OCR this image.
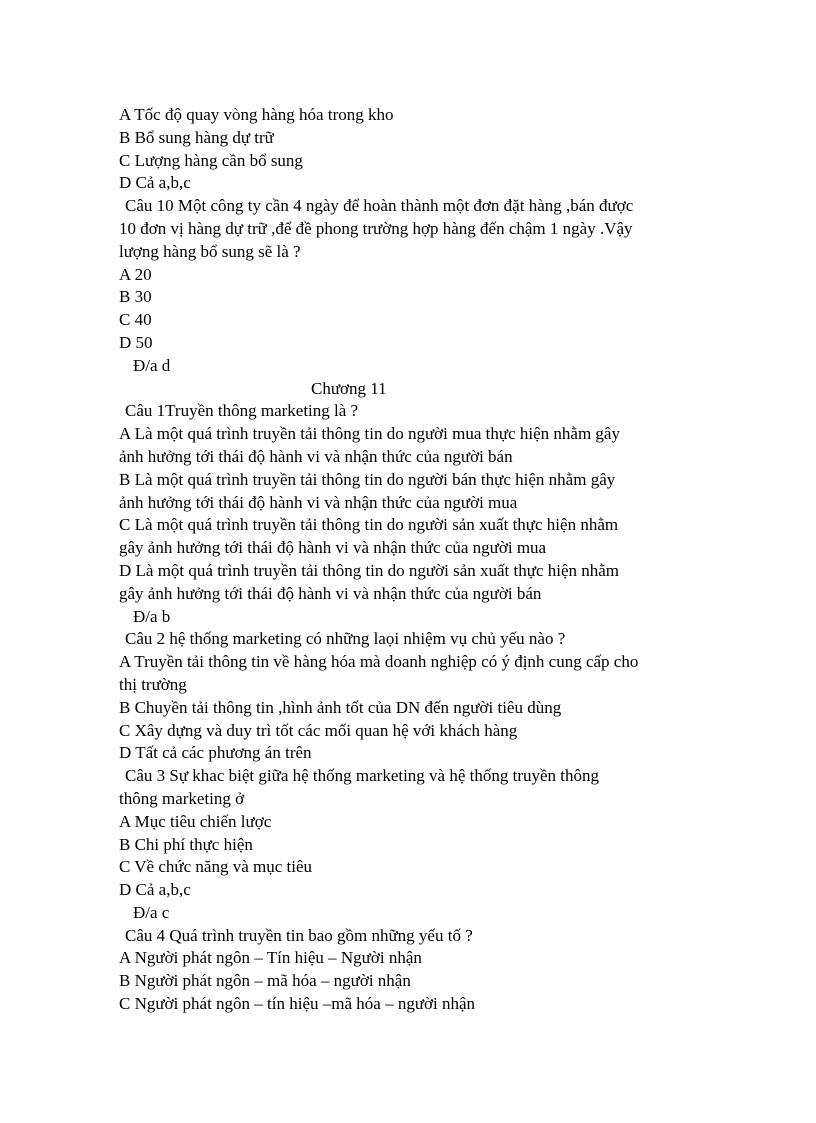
A Tốc độ quay vòng hàng hóa trong kho
B Bổ sung hàng dự trữ
C Lượng hàng cần bổ sung
D Cả a,b,c
Câu 10 Một công ty cần 4 ngày để hoàn thành một đơn đặt hàng ,bán được
10 đơn vị hàng dự trữ ,để đề phong trường hợp hàng đến chậm 1 ngày .Vậy
lượng hàng bổ sung sẽ là ?
A 20
B 30
C 40
D 50
Đ/a d
Chương 11
Câu 1Truyền thông marketing là ?
A Là một quá trình truyền tải thông tin do người mua thực hiện nhằm gây
ảnh hưởng tới thái độ hành vi và nhận thức của người bán
B Là một quá trình truyền tải thông tin do người bán thực hiện nhằm gây
ảnh hưởng tới thái độ hành vi và nhận thức của người mua
C Là một quá trình truyền tải thông tin do người sản xuất thực hiện nhằm
gây ảnh hưởng tới thái độ hành vi và nhận thức của người mua
D Là một quá trình truyền tải thông tin do người sản xuất thực hiện nhằm
gây ảnh hưởng tới thái độ hành vi và nhận thức của người bán
Đ/a b
Câu 2 hệ thống marketing có những laọi nhiệm vụ chủ yếu nào ?
A Truyền tải thông tin về hàng hóa mà doanh nghiệp có ý định cung cấp cho
thị trường
B Chuyền tải thông tin ,hình ảnh tốt của DN đến người tiêu dùng
C Xây dựng và duy trì tốt các mối quan hệ với khách hàng
D Tất cả các phương án trên
Câu 3 Sự khac biệt giữa hệ thống marketing và hệ thống truyền thông
thông marketing ở
A Mục tiêu chiến lược
B Chi phí thực hiện
C Về chức năng và mục tiêu
D Cả a,b,c
Đ/a c
Câu 4 Quá trình truyền tin bao gồm những yếu tố ?
A Người phát ngôn – Tín hiệu – Người nhận
B Người phát ngôn – mã hóa – người nhận
C Người phát ngôn – tín hiệu –mã hóa – người nhận
